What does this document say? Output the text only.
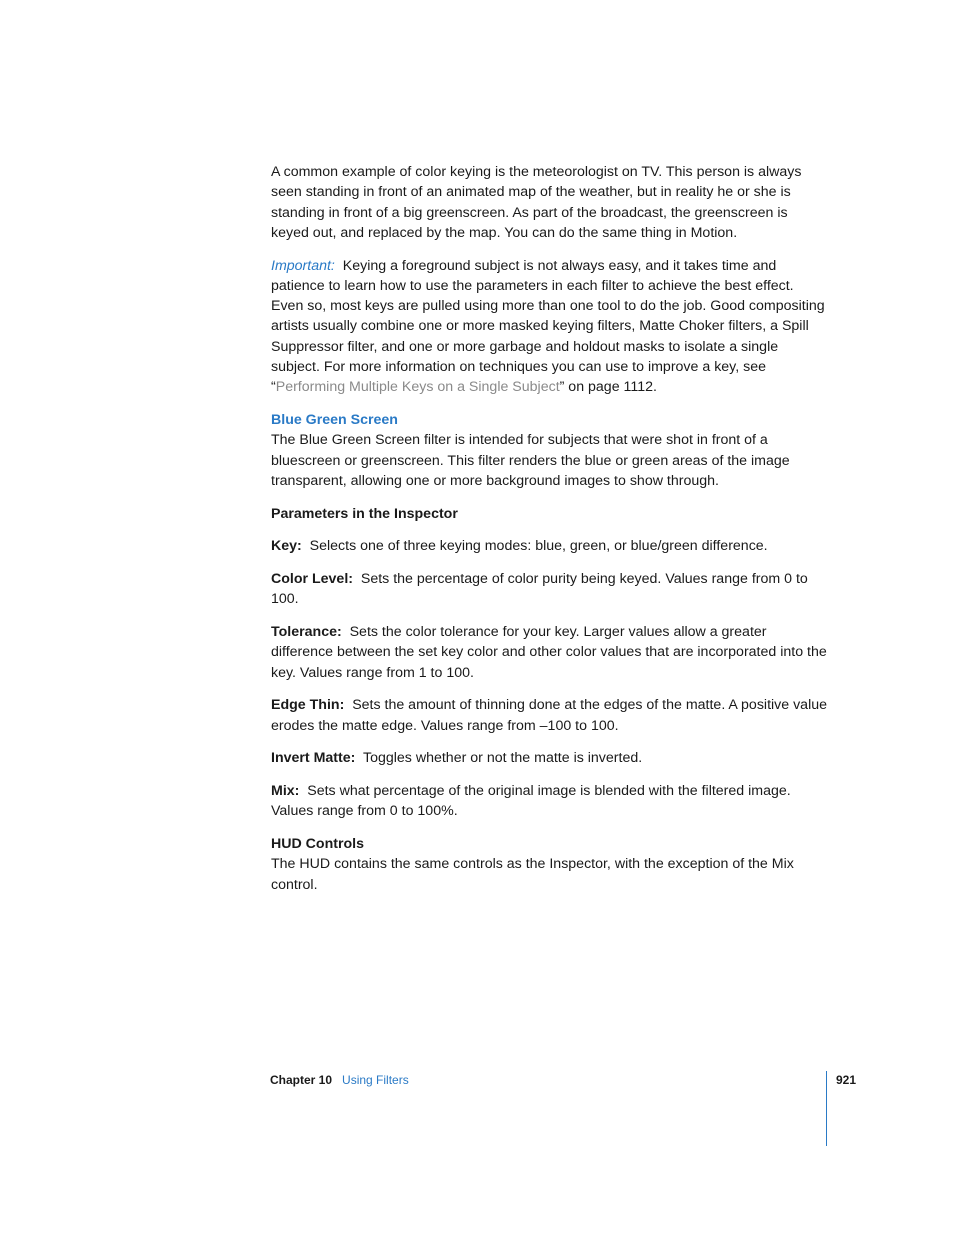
A common example of color keying is the meteorologist on TV. This person is always seen standing in front of an animated map of the weather, but in reality he or she is standing in front of a big greenscreen. As part of the broadcast, the greenscreen is keyed out, and replaced by the map. You can do the same thing in Motion.

Important: Keying a foreground subject is not always easy, and it takes time and patience to learn how to use the parameters in each filter to achieve the best effect. Even so, most keys are pulled using more than one tool to do the job. Good compositing artists usually combine one or more masked keying filters, Matte Choker filters, a Spill Suppressor filter, and one or more garbage and holdout masks to isolate a single subject. For more information on techniques you can use to improve a key, see “Performing Multiple Keys on a Single Subject” on page 1112.

Blue Green Screen

The Blue Green Screen filter is intended for subjects that were shot in front of a bluescreen or greenscreen. This filter renders the blue or green areas of the image transparent, allowing one or more background images to show through.

Parameters in the Inspector

Key: Selects one of three keying modes: blue, green, or blue/green difference.

Color Level: Sets the percentage of color purity being keyed. Values range from 0 to 100.

Tolerance: Sets the color tolerance for your key. Larger values allow a greater difference between the set key color and other color values that are incorporated into the key. Values range from 1 to 100.

Edge Thin: Sets the amount of thinning done at the edges of the matte. A positive value erodes the matte edge. Values range from –100 to 100.

Invert Matte: Toggles whether or not the matte is inverted.

Mix: Sets what percentage of the original image is blended with the filtered image. Values range from 0 to 100%.

HUD Controls

The HUD contains the same controls as the Inspector, with the exception of the Mix control.

Chapter 10 Using Filters	921
